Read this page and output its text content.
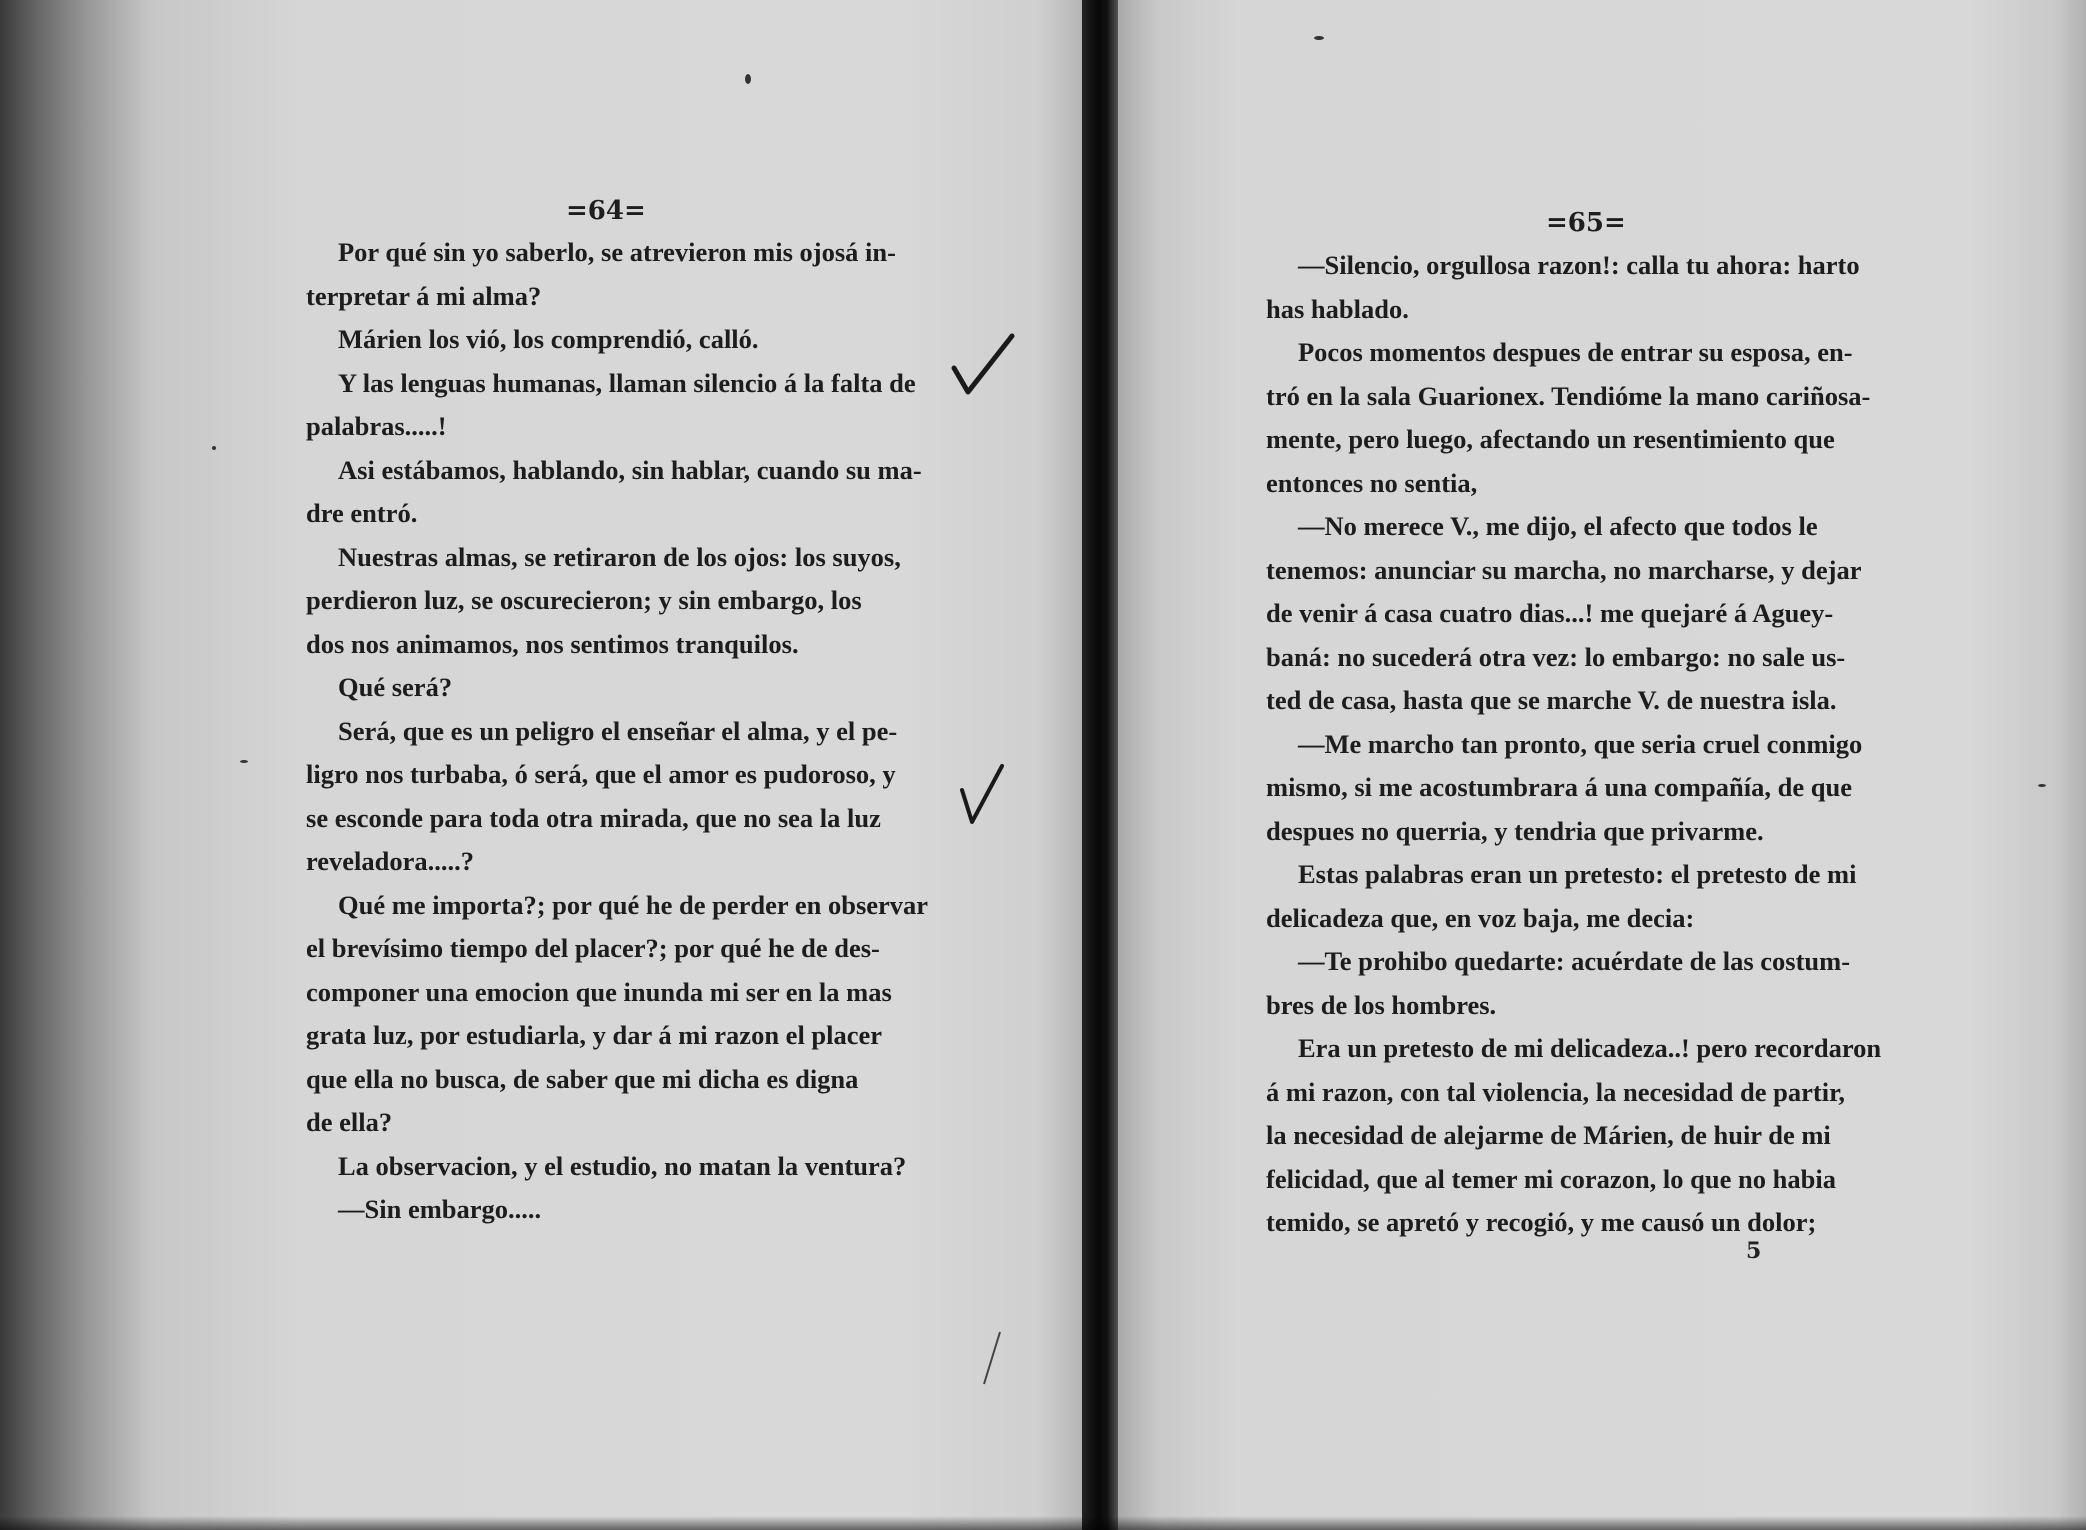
=64=
Por qué sin yo saberlo, se atrevieron mis ojosá in-
terpretar á mi alma?
Márien los vió, los comprendió, calló.
Y las lenguas humanas, llaman silencio á la falta de
palabras.....!
Asi estábamos, hablando, sin hablar, cuando su ma-
dre entró.
Nuestras almas, se retiraron de los ojos: los suyos,
perdieron luz, se oscurecieron; y sin embargo, los
dos nos animamos, nos sentimos tranquilos.
Qué será?
Será, que es un peligro el enseñar el alma, y el pe-
ligro nos turbaba, ó será, que el amor es pudoroso, y
se esconde para toda otra mirada, que no sea la luz
reveladora.....?
Qué me importa?; por qué he de perder en observar
el brevísimo tiempo del placer?; por qué he de des-
componer una emocion que inunda mi ser en la mas
grata luz, por estudiarla, y dar á mi razon el placer
que ella no busca, de saber que mi dicha es digna
de ella?
La observacion, y el estudio, no matan la ventura?
—Sin embargo.....
=65=
—Silencio, orgullosa razon!: calla tu ahora: harto
has hablado.
Pocos momentos despues de entrar su esposa, en-
tró en la sala Guarionex. Tendióme la mano cariñosa-
mente, pero luego, afectando un resentimiento que
entonces no sentia,
—No merece V., me dijo, el afecto que todos le
tenemos: anunciar su marcha, no marcharse, y dejar
de venir á casa cuatro dias...! me quejaré á Aguey-
baná: no sucederá otra vez: lo embargo: no sale us-
ted de casa, hasta que se marche V. de nuestra isla.
—Me marcho tan pronto, que seria cruel conmigo
mismo, si me acostumbrara á una compañía, de que
despues no querria, y tendria que privarme.
Estas palabras eran un pretesto: el pretesto de mi
delicadeza que, en voz baja, me decia:
—Te prohibo quedarte: acuérdate de las costum-
bres de los hombres.
Era un pretesto de mi delicadeza..! pero recordaron
á mi razon, con tal violencia, la necesidad de partir,
la necesidad de alejarme de Márien, de huir de mi
felicidad, que al temer mi corazon, lo que no habia
temido, se apretó y recogió, y me causó un dolor;
5
